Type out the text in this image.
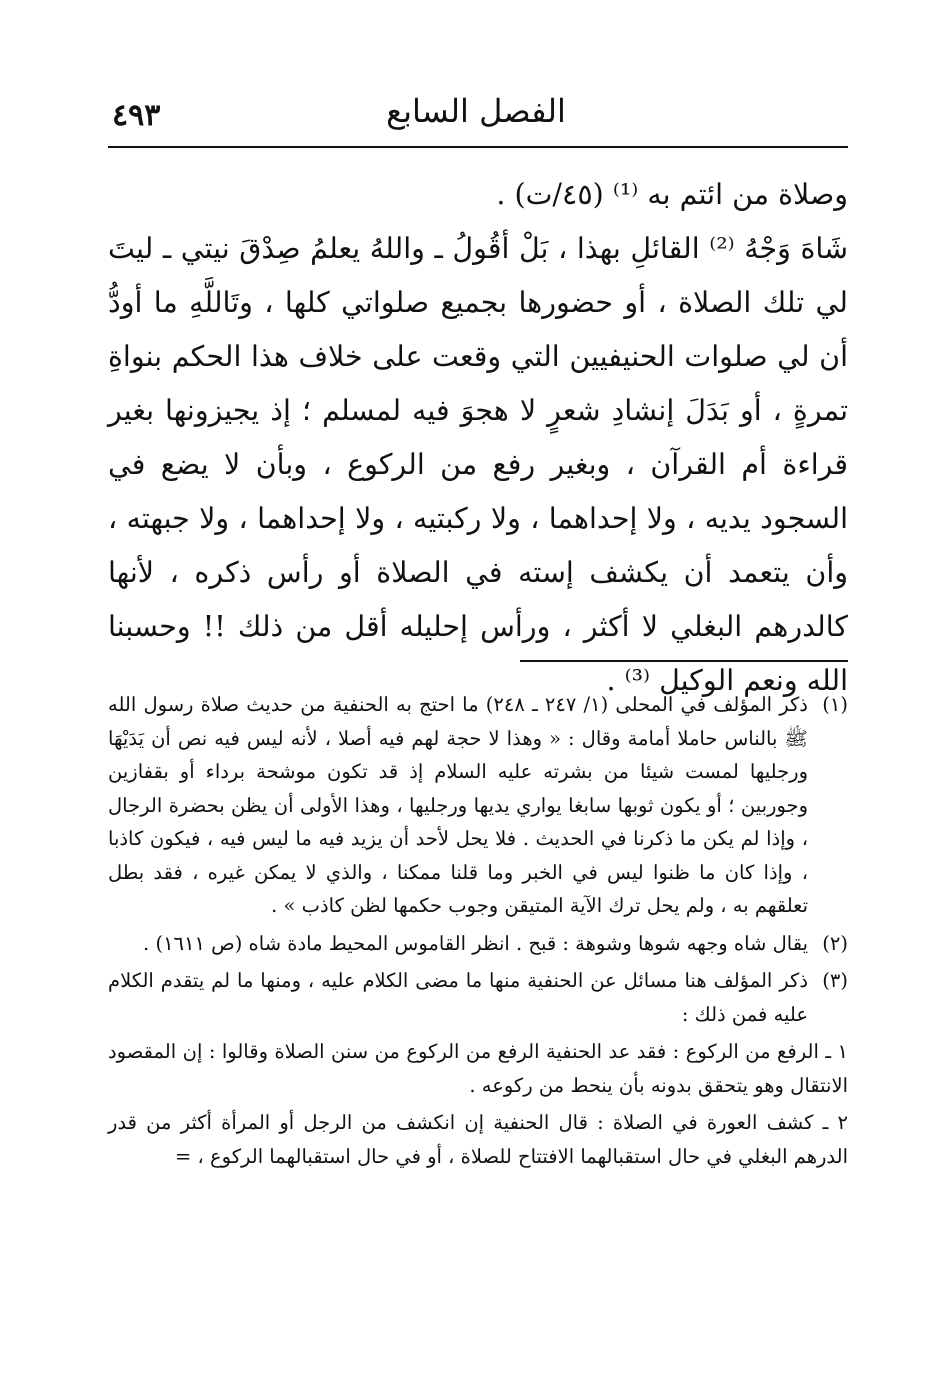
٤٩٣	الفصل السابع

وصلاة من ائتم به ⁽¹⁾ (٤٥/ت) .

شَاهَ وَجْهُ ⁽²⁾ القائلِ بهذا ، بَلْ أقُولُ ـ واللهُ يعلمُ صِدْقَ نيتي ـ ليتَ لي تلك الصلاة ، أو حضورها بجميع صلواتي كلها ، وتَاللَّهِ ما أودُّ أن لي صلوات الحنيفيين التي وقعت على خلاف هذا الحكم بنواةِ تمرةٍ ، أو بَدَلَ إنشادِ شعرٍ لا هجوَ فيه لمسلم ؛ إذ يجيزونها بغير قراءة أم القرآن ، وبغير رفع من الركوع ، وبأن لا يضع في السجود يديه ، ولا إحداهما ، ولا ركبتيه ، ولا إحداهما ، ولا جبهته ، وأن يتعمد أن يكشف إسته في الصلاة أو رأس ذكره ، لأنها كالدرهم البغلي لا أكثر ، ورأس إحليله أقل من ذلك !! وحسبنا الله ونعم الوكيل ⁽³⁾ .

(١)
ذكر المؤلف في المحلى (١/ ٢٤٧ ـ ٢٤٨) ما احتج به الحنفية من حديث صلاة رسول الله ﷺ بالناس حاملا أمامة وقال : « وهذا لا حجة لهم فيه أصلا ، لأنه ليس فيه نص أن يَدَيْهَا ورجليها لمست شيئا من بشرته عليه السلام إذ قد تكون موشحة برداء أو بقفازين وجوربين ؛ أو يكون ثوبها سابغا يواري يديها ورجليها ، وهذا الأولى أن يظن بحضرة الرجال ، وإذا لم يكن ما ذكرنا في الحديث . فلا يحل لأحد أن يزيد فيه ما ليس فيه ، فيكون كاذبا ، وإذا كان ما ظنوا ليس في الخبر وما قلنا ممكنا ، والذي لا يمكن غيره ، فقد بطل تعلقهم به ، ولم يحل ترك الآية المتيقن وجوب حكمها لظن كاذب » .
(٢)
يقال شاه وجهه شوها وشوهة : قبح . انظر القاموس المحيط مادة شاه (ص ١٦١١) .
(٣)
ذكر المؤلف هنا مسائل عن الحنفية منها ما مضى الكلام عليه ، ومنها ما لم يتقدم الكلام عليه فمن ذلك :
١ ـ الرفع من الركوع : فقد عد الحنفية الرفع من الركوع من سنن الصلاة وقالوا : إن المقصود الانتقال وهو يتحقق بدونه بأن ينحط من ركوعه .
٢ ـ كشف العورة في الصلاة : قال الحنفية إن انكشف من الرجل أو المرأة أكثر من قدر الدرهم البغلي في حال استقبالهما الافتتاح للصلاة ، أو في حال استقبالهما الركوع ، =
